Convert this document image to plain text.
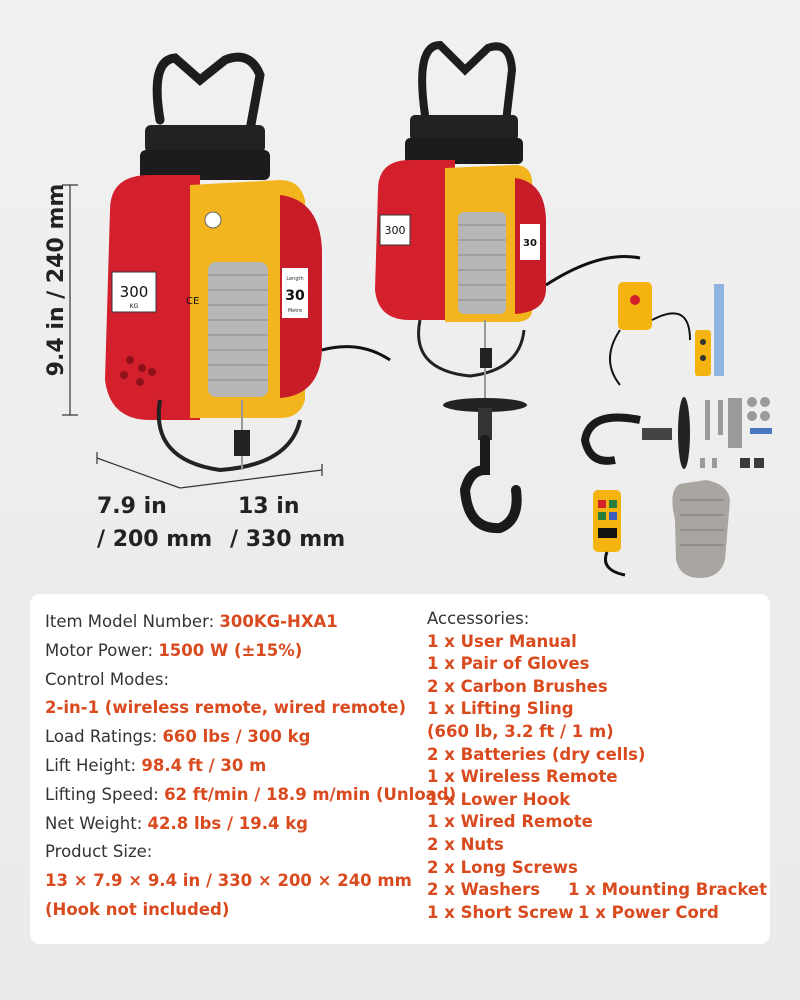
300
KG	CE
Length
30
Metre
300
30
9.4 in / 240 mm
7.9 in
/ 200 mm
13 in
/ 330 mm
Item Model Number: 300KG-HXA1
Motor Power: 1500 W (±15%)
Control Modes:
2-in-1 (wireless remote, wired remote)
Load Ratings: 660 lbs / 300 kg
Lift Height: 98.4 ft / 30 m
Lifting Speed: 62 ft/min / 18.9 m/min (Unload)
Net Weight: 42.8 lbs / 19.4 kg
Product Size:
13 × 7.9 × 9.4 in / 330 × 200 × 240 mm
(Hook not included)
Accessories:
1 x User Manual
1 x Pair of Gloves
2 x Carbon Brushes
1 x Lifting Sling
(660 lb, 3.2 ft / 1 m)
2 x Batteries (dry cells)
1 x Wireless Remote
1 x Lower Hook
1 x Wired Remote
2 x Nuts
2 x Long Screws
2 x Washers	1 x Mounting Bracket
1 x Short Screw 1 x Power Cord
